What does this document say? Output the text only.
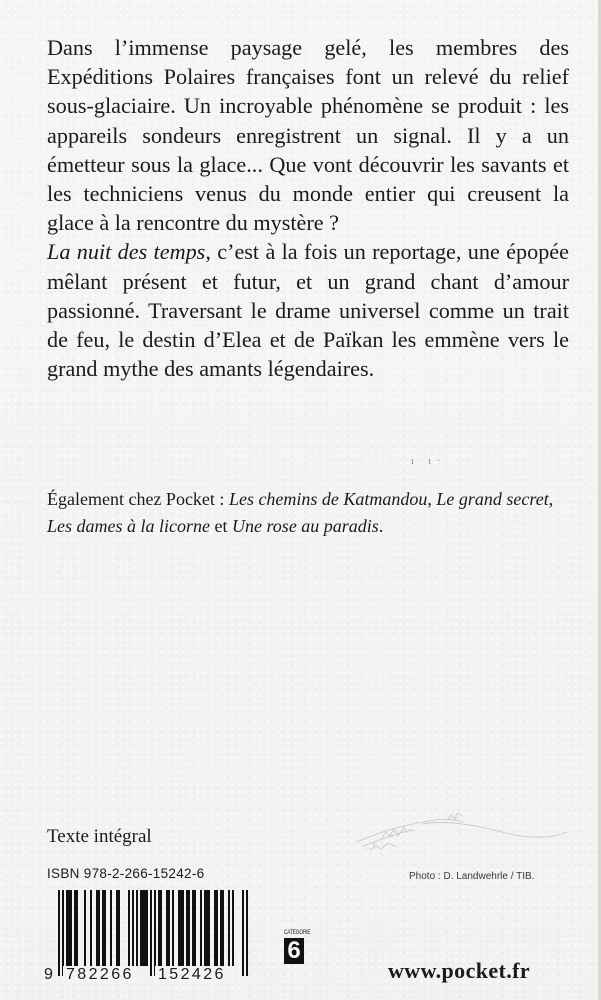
Dans l’immense paysage gelé, les membres des Expéditions Polaires françaises font un relevé du relief sous-glaciaire. Un incroyable phénomène se produit : les appareils sondeurs enregistrent un signal. Il y a un émetteur sous la glace... Que vont découvrir les savants et les techniciens venus du monde entier qui creusent la glace à la rencontre du mystère ?

La nuit des temps, c’est à la fois un reportage, une épopée mêlant présent et futur, et un grand chant d’amour passionné. Traversant le drame universel comme un trait de feu, le destin d’Elea et de Païkan les emmène vers le grand mythe des amants légendaires.

ı ı·

Également chez Pocket : Les chemins de Katmandou, Le grand secret, Les dames à la licorne et Une rose au paradis.

Texte intégral
ISBN 978-2-266-15242-6	Photo : D. Landwehrle / TIB.
9 782266 152426
CATÉGORIE
6
www.pocket.fr
